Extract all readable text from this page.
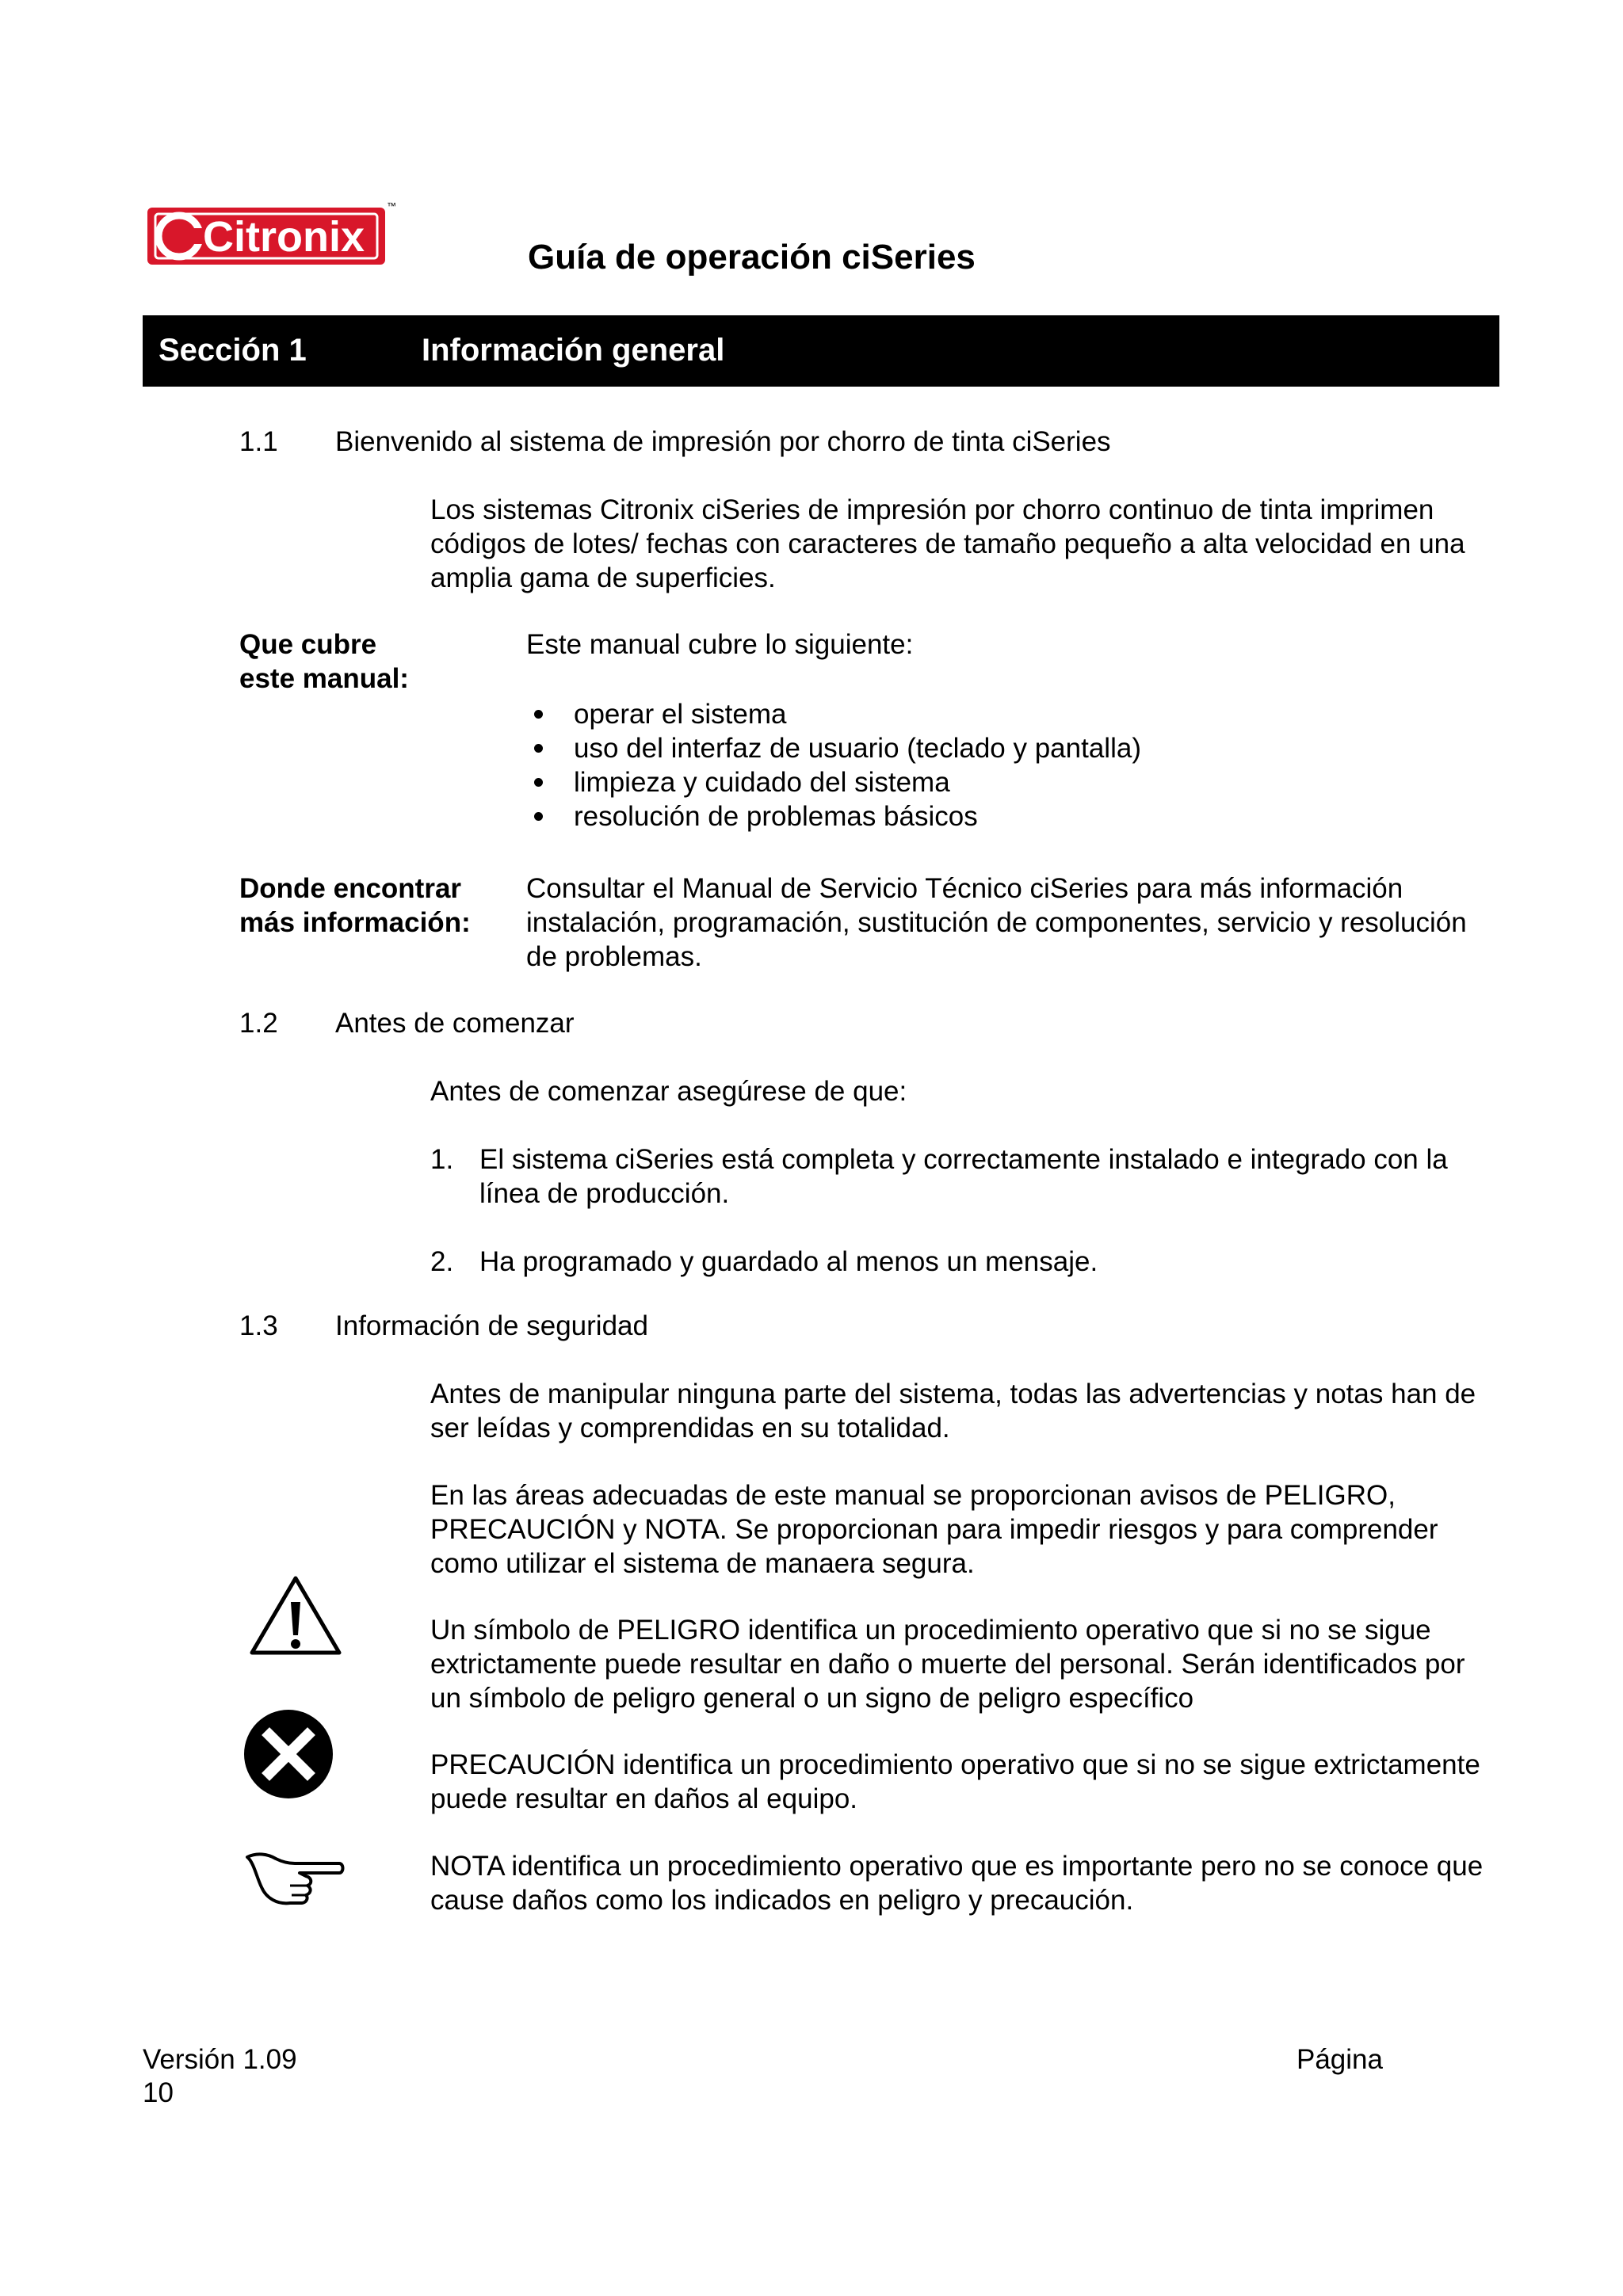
Citronix
™
Guía de operación ciSeries
Sección 1	Información general
1.1 Bienvenido al sistema de impresión por chorro de tinta ciSeries
Los sistemas Citronix ciSeries de impresión por chorro continuo de tinta imprimen códigos de lotes/ fechas con caracteres de tamaño pequeño a alta velocidad en una amplia gama de superficies.
Que cubre
este manual:
Este manual cubre lo siguiente:
operar el sistema
uso del interfaz de usuario (teclado y pantalla)
limpieza y cuidado del sistema
resolución de problemas básicos
Donde encontrar
más información:
Consultar el Manual de Servicio Técnico ciSeries para más información instalación, programación, sustitución de componentes, servicio y resolución de problemas.
1.2 Antes de comenzar
Antes de comenzar asegúrese de que:
1. El sistema ciSeries está completa y correctamente instalado e integrado con la línea de producción.
2. Ha programado y guardado al menos un mensaje.
1.3 Información de seguridad
Antes de manipular ninguna parte del sistema, todas las advertencias y notas han de ser leídas y comprendidas en su totalidad.
En las áreas adecuadas de este manual se proporcionan avisos de PELIGRO, PRECAUCIÓN y NOTA. Se proporcionan para impedir riesgos y para comprender como utilizar el sistema de manaera segura.
Un símbolo de PELIGRO identifica un procedimiento operativo que si no se sigue extrictamente puede resultar en daño o muerte del personal. Serán identificados por un símbolo de peligro general o un signo de peligro específico
PRECAUCIÓN identifica un procedimiento operativo que si no se sigue extrictamente puede resultar en daños al equipo.
NOTA identifica un procedimiento operativo que es importante pero no se conoce que cause daños como los indicados en peligro y precaución.
Versión 1.09	Página
10
